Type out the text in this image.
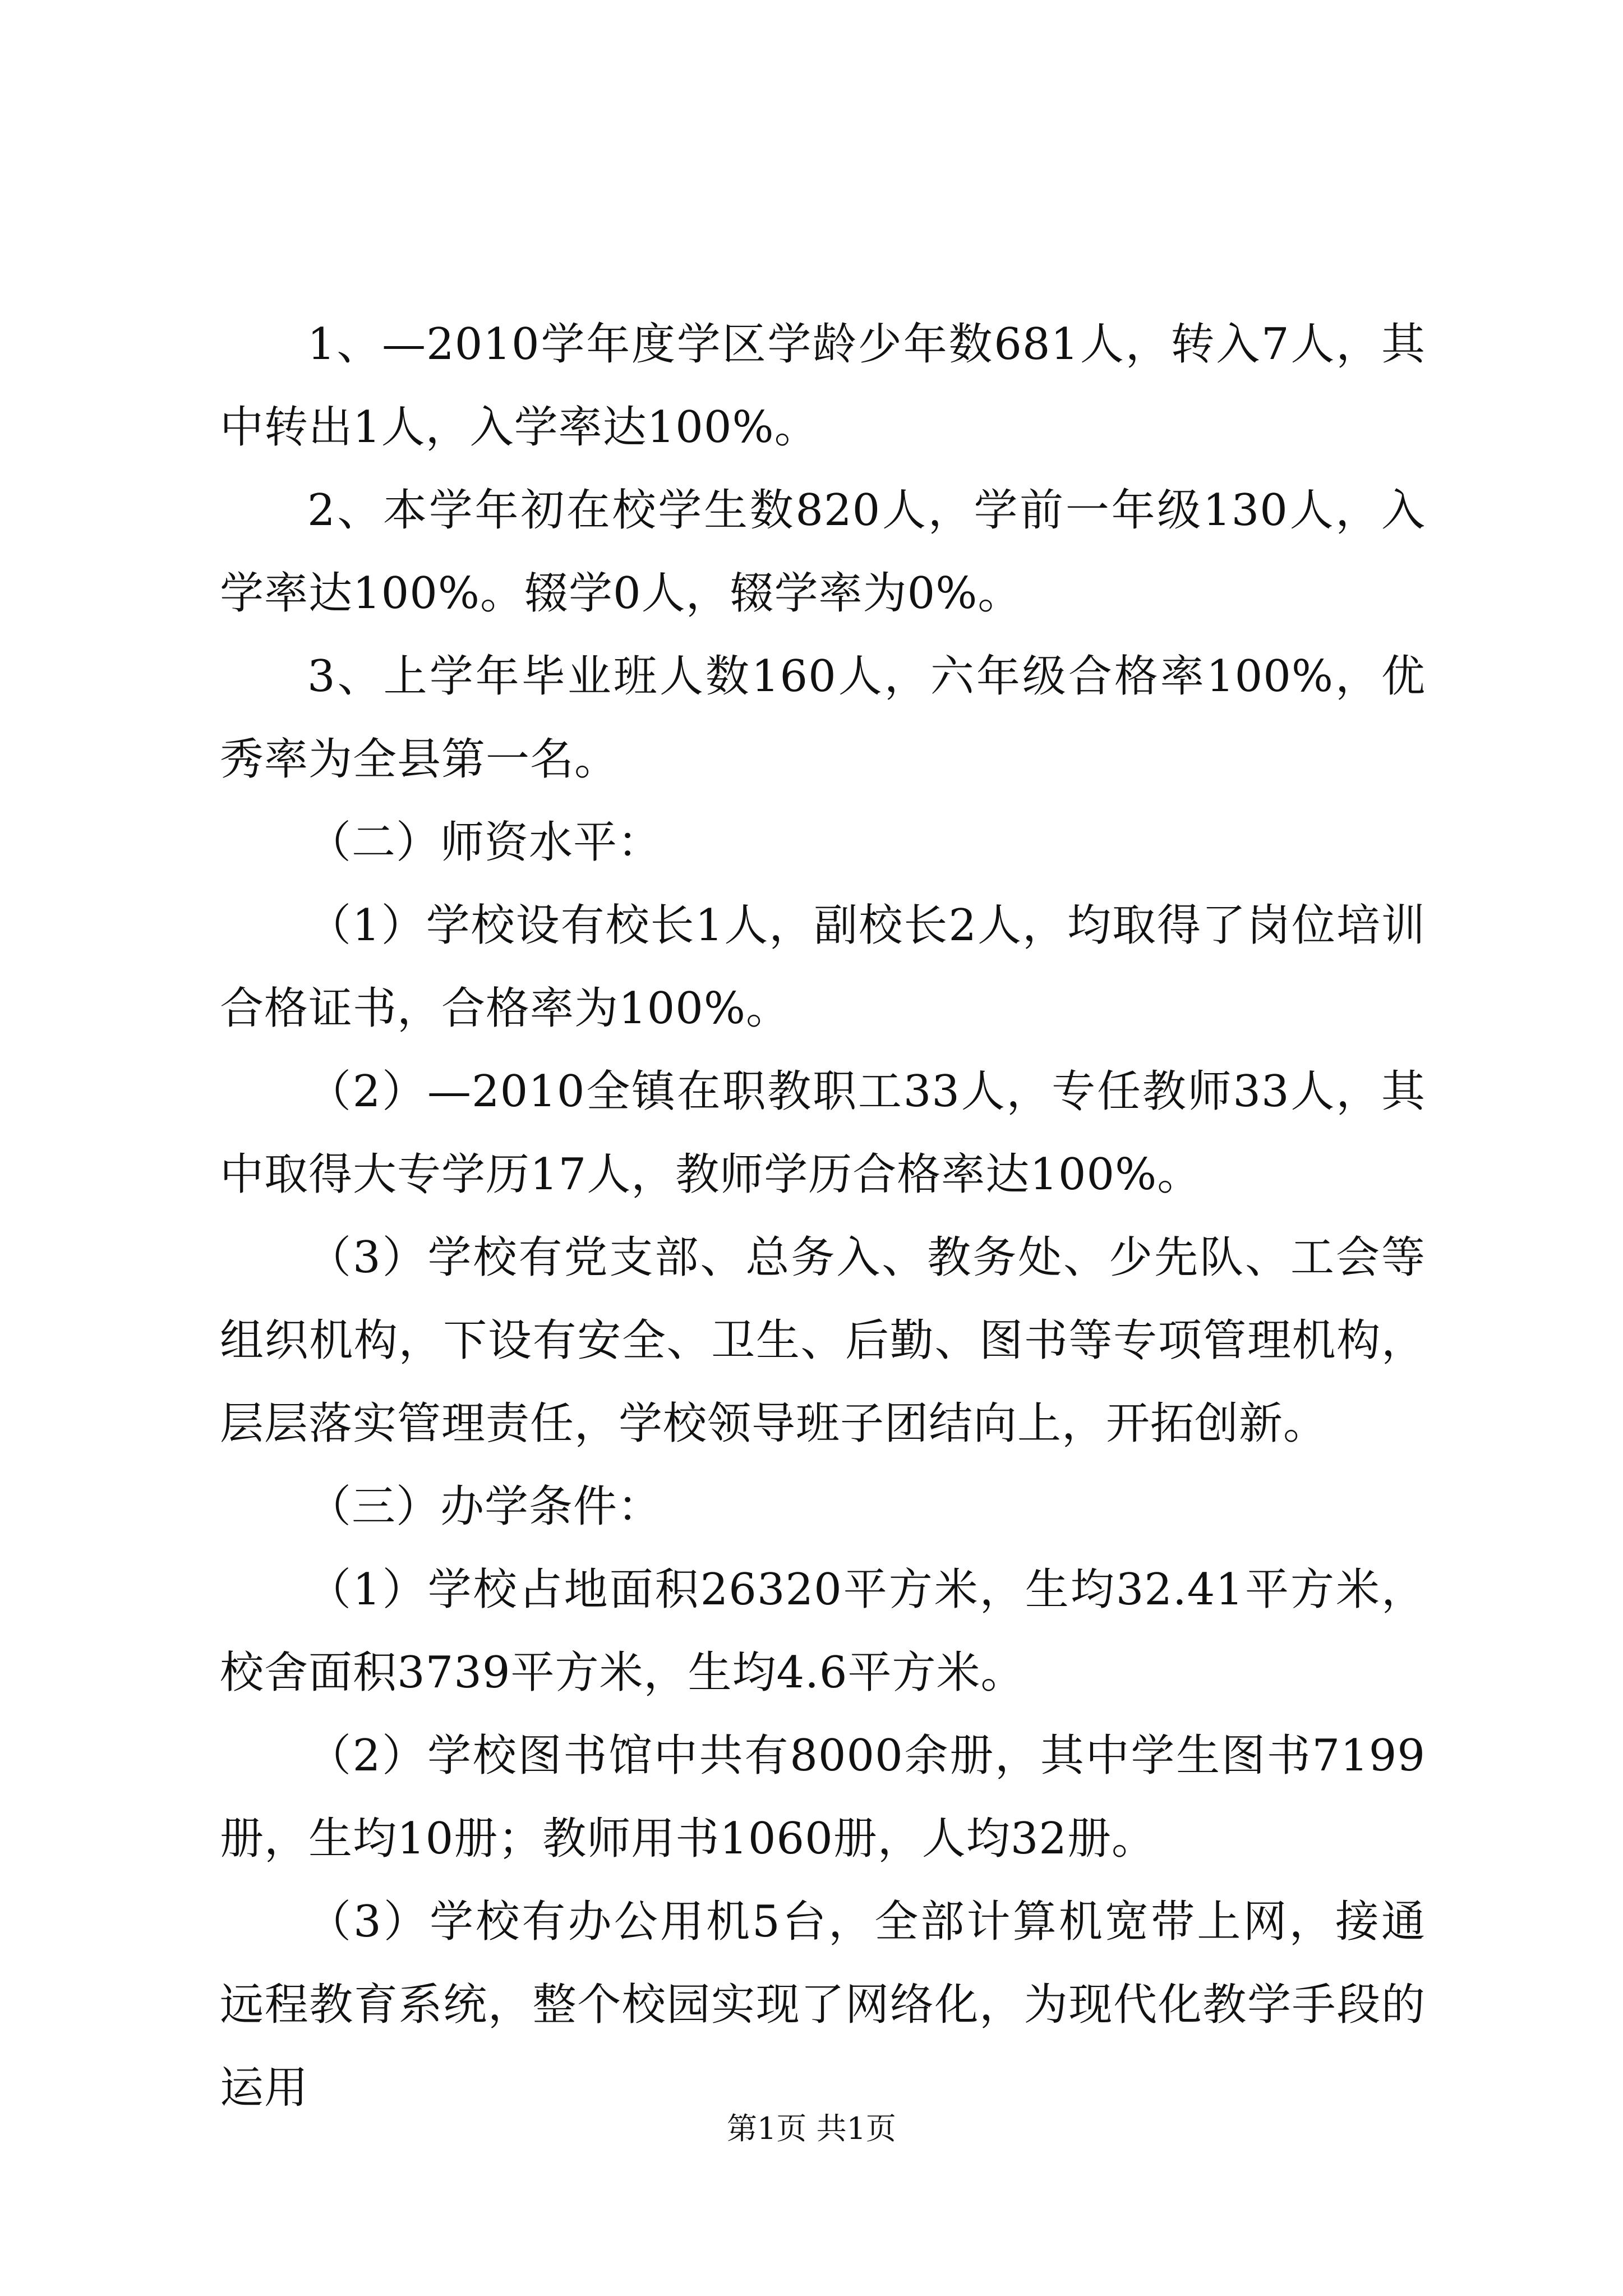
1、—2010学年度学区学龄少年数681人，转入7人，其中转出1人，入学率达100%。

2、本学年初在校学生数820人，学前一年级130人，入学率达100%。辍学0人，辍学率为0%。

3、上学年毕业班人数160人，六年级合格率100%，优秀率为全县第一名。

（二）师资水平：

（1）学校设有校长1人，副校长2人，均取得了岗位培训合格证书，合格率为100%。

（2）—2010全镇在职教职工33人，专任教师33人，其中取得大专学历17人，教师学历合格率达100%。

（3）学校有党支部、总务入、教务处、少先队、工会等组织机构，下设有安全、卫生、后勤、图书等专项管理机构，层层落实管理责任，学校领导班子团结向上，开拓创新。

（三）办学条件：

（1）学校占地面积26320平方米，生均32.41平方米，校舍面积3739平方米，生均4.6平方米。

（2）学校图书馆中共有8000余册，其中学生图书7199册，生均10册；教师用书1060册，人均32册。

（3）学校有办公用机5台，全部计算机宽带上网，接通远程教育系统，整个校园实现了网络化，为现代化教学手段的运用

第1页 共1页
